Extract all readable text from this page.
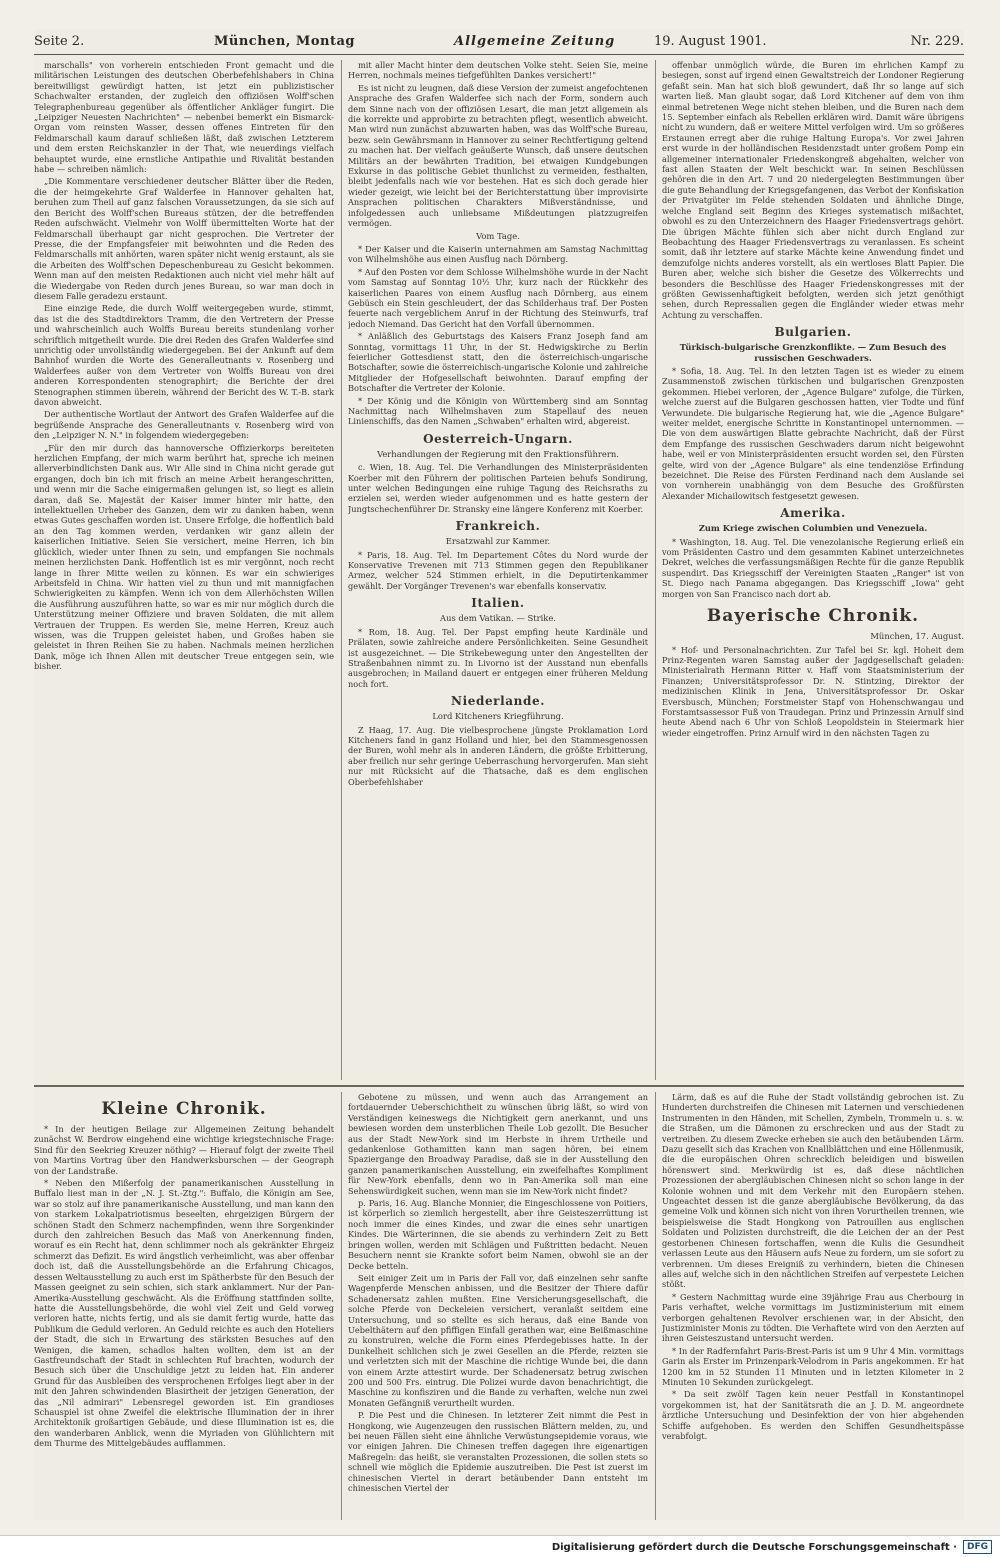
Seite 2.	München, Montag	Allgemeine Zeitung	19. August 1901.	Nr. 229.

marschalls" von vorherein entschieden Front gemacht und die militärischen Leistungen des deutschen Oberbefehlshabers in China bereitwilligst gewürdigt hatten, ist jetzt ein publizistischer Schachwalter erstanden, der zugleich den offiziösen Wolff'schen Telegraphenbureau gegenüber als öffentlicher Ankläger fungirt. Die „Leipziger Neuesten Nachrichten" — nebenbei bemerkt ein Bismarck-Organ vom reinsten Wasser, dessen offenes Eintreten für den Feldmarschall kaum darauf schließen läßt, daß zwischen Letzterem und dem ersten Reichskanzler in der That, wie neuerdings vielfach behauptet wurde, eine ernstliche Antipathie und Rivalität bestanden habe — schreiben nämlich:

„Die Kommentare verschiedener deutscher Blätter über die Reden, die der heimgekehrte Graf Walderfee in Hannover gehalten hat, beruhen zum Theil auf ganz falschen Voraussetzungen, da sie sich auf den Bericht des Wolff'schen Bureaus stützen, der die betreffenden Reden aufschwächt. Vielmehr von Wolff übermittelten Worte hat der Feldmarschall überhaupt gar nicht gesprochen. Die Vertreter der Presse, die der Empfangsfeier mit beiwohnten und die Reden des Feldmarschalls mit anhörten, waren später nicht wenig erstaunt, als sie die Arbeiten des Wolff'schen Depeschenbureau zu Gesicht bekommen. Wenn man auf den meisten Redaktionen auch nicht viel mehr hält auf die Wiedergabe von Reden durch jenes Bureau, so war man doch in diesem Falle geradezu erstaunt.

Eine einzige Rede, die durch Wolff weitergegeben wurde, stimmt, das ist die des Stadtdirektors Tramm, die den Vertretern der Presse und wahrscheinlich auch Wolffs Bureau bereits stundenlang vorher schriftlich mitgetheilt wurde. Die drei Reden des Grafen Walderfee sind unrichtig oder unvollständig wiedergegeben. Bei der Ankunft auf dem Bahnhof wurden die Worte des Generalleutnants v. Rosenberg und Walderfees außer von dem Vertreter von Wolffs Bureau von drei anderen Korrespondenten stenographirt; die Berichte der drei Stenographen stimmen überein, während der Bericht des W. T.-B. stark davon abweicht.

Der authentische Wortlaut der Antwort des Grafen Walderfee auf die begrüßende Ansprache des Generalleutnants v. Rosenberg wird von den „Leipziger N. N." in folgendem wiedergegeben:

„Für den mir durch das hannoversche Offizierkorps bereiteten herzlichen Empfang, der mich warm berührt hat, spreche ich meinen allerverbindlichsten Dank aus. Wir Alle sind in China nicht gerade gut ergangen, doch bin ich mit frisch an meine Arbeit herangeschritten, und wenn mir die Sache einigermaßen gelungen ist, so liegt es allein daran, daß Se. Majestät der Kaiser immer hinter mir hatte, den intellektuellen Urheber des Ganzen, dem wir zu danken haben, wenn etwas Gutes geschaffen worden ist. Unsere Erfolge, die hoffentlich bald an den Tag kommen werden, verdanken wir ganz allein der kaiserlichen Initiative. Seien Sie versichert, meine Herren, ich bin glücklich, wieder unter Ihnen zu sein, und empfangen Sie nochmals meinen herzlichsten Dank. Hoffentlich ist es mir vergönnt, noch recht lange in Ihrer Mitte weilen zu können. Es war ein schwieriges Arbeitsfeld in China. Wir hatten viel zu thun und mit mannigfachen Schwierigkeiten zu kämpfen. Wenn ich von dem Allerhöchsten Willen die Ausführung auszuführen hatte, so war es mir nur möglich durch die Unterstützung meiner Offiziere und braven Soldaten, die mit allem Vertrauen der Truppen. Es werden Sie, meine Herren, Kreuz auch wissen, was die Truppen geleistet haben, und Großes haben sie geleistet in Ihren Reihen Sie zu haben. Nachmals meinen herzlichen Dank, möge ich Ihnen Allen mit deutscher Treue entgegen sein, wie bisher.

mit aller Macht hinter dem deutschen Volke steht. Seien Sie, meine Herren, nochmals meines tiefgefühlten Dankes versichert!"

Es ist nicht zu leugnen, daß diese Version der zumeist angefochtenen Ansprache des Grafen Walderfee sich nach der Form, sondern auch dem Sinne nach von der offiziösen Lesart, die man jetzt allgemein als die korrekte und approbirte zu betrachten pflegt, wesentlich abweicht. Man wird nun zunächst abzuwarten haben, was das Wolff'sche Bureau, bezw. sein Gewährsmann in Hannover zu seiner Rechtfertigung geltend zu machen hat. Der vielfach geäußerte Wunsch, daß unsere deutschen Militärs an der bewährten Tradition, bei etwaigen Kundgebungen Exkurse in das politische Gebiet thunlichst zu vermeiden, festhalten, bleibt jedenfalls nach wie vor bestehen. Hat es sich doch gerade hier wieder gezeigt, wie leicht bei der Berichterstattung über improvisirte Ansprachen politischen Charakters Mißverständnisse, und infolgedessen auch unliebsame Mißdeutungen platzzugreifen vermögen.

Vom Tage.

* Der Kaiser und die Kaiserin unternahmen am Samstag Nachmittag von Wilhelmshöhe aus einen Ausflug nach Dörnberg.

* Auf den Posten vor dem Schlosse Wilhelmshöhe wurde in der Nacht vom Samstag auf Sonntag 10½ Uhr, kurz nach der Rückkehr des kaiserlichen Paares von einem Ausflug nach Dörnberg, aus einem Gebüsch ein Stein geschleudert, der das Schilderhaus traf. Der Posten feuerte nach vergeblichem Anruf in der Richtung des Steinwurfs, traf jedoch Niemand. Das Gericht hat den Vorfall übernommen.

* Anläßlich des Geburtstags des Kaisers Franz Joseph fand am Sonntag, vormittags 11 Uhr, in der St. Hedwigskirche zu Berlin feierlicher Gottesdienst statt, den die österreichisch-ungarische Botschafter, sowie die österreichisch-ungarische Kolonie und zahlreiche Mitglieder der Hofgesellschaft beiwohnten. Darauf empfing der Botschafter die Vertreter der Kolonie.

* Der König und die Königin von Württemberg sind am Sonntag Nachmittag nach Wilhelmshaven zum Stapellauf des neuen Linienschiffs, das den Namen „Schwaben" erhalten wird, abgereist.

Oesterreich-Ungarn.

Verhandlungen der Regierung mit den Fraktionsführern.

c. Wien, 18. Aug. Tel. Die Verhandlungen des Ministerpräsidenten Koerber mit den Führern der politischen Parteien behufs Sondirung, unter welchen Bedingungen eine ruhige Tagung des Reichsraths zu erzielen sei, werden wieder aufgenommen und es hatte gestern der Jungtschechenführer Dr. Stransky eine längere Konferenz mit Koerber.

Frankreich.

Ersatzwahl zur Kammer.

* Paris, 18. Aug. Tel. Im Departement Côtes du Nord wurde der Konservative Trevenen mit 713 Stimmen gegen den Republikaner Armez, welcher 524 Stimmen erhielt, in die Deputirtenkammer gewählt. Der Vorgänger Trevenen's war ebenfalls konservativ.

Italien.

Aus dem Vatikan. — Strike.

* Rom, 18. Aug. Tel. Der Papst empfing heute Kardinäle und Prälaten, sowie zahlreiche andere Persönlichkeiten. Seine Gesundheit ist ausgezeichnet. — Die Strikebewegung unter den Angestellten der Straßenbahnen nimmt zu. In Livorno ist der Ausstand nun ebenfalls ausgebrochen; in Mailand dauert er entgegen einer früheren Meldung noch fort.

Niederlande.

Lord Kitcheners Kriegführung.

Z Haag, 17. Aug. Die vielbesprochene jüngste Proklamation Lord Kitcheners fand in ganz Holland und hier, bei den Stammesgenossen der Buren, wohl mehr als in anderen Ländern, die größte Erbitterung, aber freilich nur sehr geringe Ueberraschung hervorgerufen. Man sieht nur mit Rücksicht auf die Thatsache, daß es dem englischen Oberbefehlshaber

offenbar unmöglich würde, die Buren im ehrlichen Kampf zu besiegen, sonst auf irgend einen Gewaltstreich der Londoner Regierung gefaßt sein. Man hat sich bloß gewundert, daß Ihr so lange auf sich warten ließ. Man glaubt sogar, daß Lord Kitchener auf dem von ihm einmal betretenen Wege nicht stehen bleiben, und die Buren nach dem 15. September einfach als Rebellen erklären wird. Damit wäre übrigens nicht zu wundern, daß er weitere Mittel verfolgen wird. Um so größeres Erstaunen erregt aber die ruhige Haltung Europa's. Vor zwei Jahren erst wurde in der holländischen Residenzstadt unter großem Pomp ein allgemeiner internationaler Friedenskongreß abgehalten, welcher von fast allen Staaten der Welt beschickt war. In seinen Beschlüssen gehören die in den Art. 7 und 20 niedergelegten Bestimmungen über die gute Behandlung der Kriegsgefangenen, das Verbot der Konfiskation der Privatgüter im Felde stehenden Soldaten und ähnliche Dinge, welche England seit Beginn des Krieges systematisch mißachtet, obwohl es zu den Unterzeichnern des Haager Friedensvertrags gehört. Die übrigen Mächte fühlen sich aber nicht durch England zur Beobachtung des Haager Friedensvertrags zu veranlassen. Es scheint somit, daß ihr letztere auf starke Mächte keine Anwendung findet und demzufolge nichts anderes vorstellt, als ein wertloses Blatt Papier. Die Buren aber, welche sich bisher die Gesetze des Völkerrechts und besonders die Beschlüsse des Haager Friedenskongresses mit der größten Gewissenhaftigkeit befolgten, werden sich jetzt genöthigt sehen, durch Repressalien gegen die Engländer wieder etwas mehr Achtung zu verschaffen.

Bulgarien.

Türkisch-bulgarische Grenzkonflikte. — Zum Besuch des russischen Geschwaders.

* Sofia, 18. Aug. Tel. In den letzten Tagen ist es wieder zu einem Zusammenstoß zwischen türkischen und bulgarischen Grenzposten gekommen. Hiebei verloren, der „Agence Bulgare" zufolge, die Türken, welche zuerst auf die Bulgaren geschossen hatten, vier Todte und fünf Verwundete. Die bulgarische Regierung hat, wie die „Agence Bulgare" weiter meldet, energische Schritte in Konstantinopel unternommen. — Die von dem auswärtigen Blatte gebrachte Nachricht, daß der Fürst dem Empfange des russischen Geschwaders darum nicht beigewohnt habe, weil er von Ministerpräsidenten ersucht worden sei, den Fürsten gelte, wird von der „Agence Bulgare" als eine tendenziöse Erfindung bezeichnet. Die Reise des Fürsten Ferdinand nach dem Auslande sei von vornherein unabhängig von dem Besuche des Großfürsten Alexander Michailowitsch festgesetzt gewesen.

Amerika.

Zum Kriege zwischen Columbien und Venezuela.

* Washington, 18. Aug. Tel. Die venezolanische Regierung erließ ein vom Präsidenten Castro und dem gesammten Kabinet unterzeichnetes Dekret, welches die verfassungsmäßigen Rechte für die ganze Republik suspendirt. Das Kriegsschiff der Vereinigten Staaten „Ranger" ist von St. Diego nach Panama abgegangen. Das Kriegsschiff „Iowa" geht morgen von San Francisco nach dort ab.

Bayerische Chronik.

München, 17. August.

* Hof- und Personalnachrichten. Zur Tafel bei Sr. kgl. Hoheit dem Prinz-Regenten waren Samstag außer der Jagdgesellschaft geladen: Ministerialrath Hermann Ritter v. Haff vom Staatsministerium der Finanzen; Universitätsprofessor Dr. N. Stintzing, Direktor der medizinischen Klinik in Jena, Universitätsprofessor Dr. Oskar Eversbusch, München; Forstmeister Stapf von Hohenschwangau und Forstamtsassessor Fuß von Traudegan. Prinz und Prinzessin Arnulf sind heute Abend nach 6 Uhr von Schloß Leopoldstein in Steiermark hier wieder eingetroffen. Prinz Arnulf wird in den nächsten Tagen zu

Kleine Chronik.

* In der heutigen Beilage zur Allgemeinen Zeitung behandelt zunächst W. Berdrow eingehend eine wichtige kriegstechnische Frage: Sind für den Seekrieg Kreuzer nöthig? — Hierauf folgt der zweite Theil von Martins Vortrag über den Handwerksburschen — der Geograph von der Landstraße.

* Neben den Mißerfolg der panamerikanischen Ausstellung in Buffalo liest man in der „N. J. St.-Ztg.": Buffalo, die Königin am See, war so stolz auf ihre panamerikanische Ausstellung, und man kann den von starkem Lokalpatriotismus beseelten, ehrgeizigen Bürgern der schönen Stadt den Schmerz nachempfinden, wenn ihre Sorgenkinder durch den zahlreichen Besuch das Maß von Anerkennung finden, worauf es ein Recht hat, denn schlimmer noch als gekränkter Ehrgeiz schmerzt das Defizit. Es wird ängstlich verheimlicht, was aber offenbar doch ist, daß die Ausstellungsbehörde an die Erfahrung Chicagos, dessen Weltausstellung zu auch erst im Spätherbste für den Besuch der Massen geeignet zu sein schien, sich stark anklammert. Nur der Pan-Amerika-Ausstellung geschwächt. Als die Eröffnung stattfinden sollte, hatte die Ausstellungsbehörde, die wohl viel Zeit und Geld vorweg verloren hatte, nichts fertig, und als sie damit fertig wurde, hatte das Publikum die Geduld verloren. An Geduld reichte es auch den Hoteliers der Stadt, die sich in Erwartung des stärksten Besuches auf den Wenigen, die kamen, schadlos halten wollten, dem ist an der Gastfreundschaft der Stadt in schlechten Ruf brachten, wodurch der Besuch sich über die Unschuldige jetzt zu leiden hat. Ein anderer Grund für das Ausbleiben des versprochenen Erfolges liegt aber in der mit den Jahren schwindenden Blasirtheit der jetzigen Generation, der das „Nil admirari" Lebensregel geworden ist. Ein grandioses Schauspiel ist ohne Zweifel die elektrische Illumination der in ihrer Architektonik großartigen Gebäude, und diese Illumination ist es, die den wanderbaren Anblick, wenn die Myriaden von Glühlichtern mit dem Thurme des Mittelgebäudes aufflammen.

Gebotene zu müssen, und wenn auch das Arrangement an fortdauernder Ueberschichtheit zu wünschen übrig läßt, so wird von Verständigen keineswegs die Nichtigkeit gern anerkannt, und uns bewiesen worden dem unsterblichen Theile Lob gezollt. Die Besucher aus der Stadt New-York sind im Herbste in ihrem Urtheile und gedankenlose Gothamitten kann man sagen hören, bei einem Spaziergange den Broadway Paradise, daß sie in der Ausstellung den ganzen panamerikanischen Ausstellung, ein zweifelhaftes Kompliment für New-York ebenfalls, denn wo in Pan-Amerika soll man eine Sehenswürdigkeit suchen, wenn man sie im New-York nicht findet?

p. Paris, 16. Aug. Blanche Monnier, die Eingeschlossene von Poitiers, ist körperlich so ziemlich hergestellt, aber ihre Geisteszerrüttung ist noch immer die eines Kindes, und zwar die eines sehr unartigen Kindes. Die Wärterinnen, die sie abends zu verhindern Zeit zu Bett bringen wollen, werden mit Schlägen und Fußtritten bedacht. Neuen Besuchern nennt sie Krankte sofort beim Namen, obwohl sie an der Decke betteln.

Seit einiger Zeit um in Paris der Fall vor, daß einzelnen sehr sanfte Wagenpferde Menschen anbissen, und die Besitzer der Thiere dafür Schadenersatz zahlen mußten. Eine Versicherungsgesellschaft, die solche Pferde von Deckeleien versichert, veranlaßt seitdem eine Untersuchung, und so stellte es sich heraus, daß eine Bande von Uebelthätern auf den pfiffigen Einfall gerathen war, eine Beißmaschine zu konstruiren, welche die Form eines Pferdegebisses hatte. In der Dunkelheit schlichen sich je zwei Gesellen an die Pferde, reizten sie und verletzten sich mit der Maschine die richtige Wunde bei, die dann von einem Arzte attestirt wurde. Der Schadenersatz betrug zwischen 200 und 500 Frs. eintrug. Die Polizei wurde davon benachrichtigt, die Maschine zu konfisziren und die Bande zu verhaften, welche nun zwei Monaten Gefängniß verurtheilt wurden.

P. Die Pest und die Chinesen. In letzterer Zeit nimmt die Pest in Hongkong, wie Augenzeugen den russischen Blättern melden, zu, und bei neuen Fällen sieht eine ähnliche Verwüstungsepidemie voraus, wie vor einigen Jahren. Die Chinesen treffen dagegen ihre eigenartigen Maßregeln: das heißt, sie veranstalten Prozessionen, die sollen stets so schnell wie möglich die Epidemie auszutreiben. Die Pest ist zuerst im chinesischen Viertel in derart betäubender Dann entsteht im chinesischen Viertel der

Lärm, daß es auf die Ruhe der Stadt vollständig gebrochen ist. Zu Hunderten durchstreifen die Chinesen mit Laternen und verschiedenen Instrumenten in den Händen, mit Schellen, Zymbeln, Trommeln u. s. w. die Straßen, um die Dämonen zu erschrecken und aus der Stadt zu vertreiben. Zu diesem Zwecke erheben sie auch den betäubenden Lärm. Dazu gesellt sich das Krachen von Knallblättchen und eine Höllenmusik, die die europäischen Ohren schrecklich beleidigen und bisweilen hörenswert sind. Merkwürdig ist es, daß diese nächtlichen Prozessionen der abergläubischen Chinesen nicht so schon lange in der Kolonie wohnen und mit dem Verkehr mit den Europäern stehen. Ungeachtet dessen ist die ganze abergläubische Bevölkerung, da das gemeine Volk und können sich nicht von ihren Vorurtheilen trennen, wie beispielsweise die Stadt Hongkong von Patrouillen aus englischen Soldaten und Polizisten durchstreift, die die Leichen der an der Pest gestorbenen Chinesen fortschaffen, wenn die Kulis die Gesundheit verlassen Leute aus den Häusern aufs Neue zu fordern, um sie sofort zu verbrennen. Um dieses Ereigniß zu verhindern, bieten die Chinesen alles auf, welche sich in den nächtlichen Streifen auf verpestete Leichen stößt.

* Gestern Nachmittag wurde eine 39jährige Frau aus Cherbourg in Paris verhaftet, welche vormittags im Justizministerium mit einem verborgen gehaltenen Revolver erschienen war, in der Absicht, den Justizminister Monis zu tödten. Die Verhaftete wird von den Aerzten auf ihren Geisteszustand untersucht werden.

* In der Radfernfahrt Paris-Brest-Paris ist um 9 Uhr 4 Min. vormittags Garin als Erster im Prinzenpark-Velodrom in Paris angekommen. Er hat 1200 km in 52 Stunden 11 Minuten und in letzten Kilometer in 2 Minuten 10 Sekunden zurückgelegt.

* Da seit zwölf Tagen kein neuer Pestfall in Konstantinopel vorgekommen ist, hat der Sanitätsrath die an J. D. M. angeordnete ärztliche Untersuchung und Desinfektion der von hier abgehenden Schiffe aufgehoben. Es werden den Schiffen Gesundheitspässe verabfolgt.

Digitalisierung gefördert durch die Deutsche Forschungsgemeinschaft ·	DFG
